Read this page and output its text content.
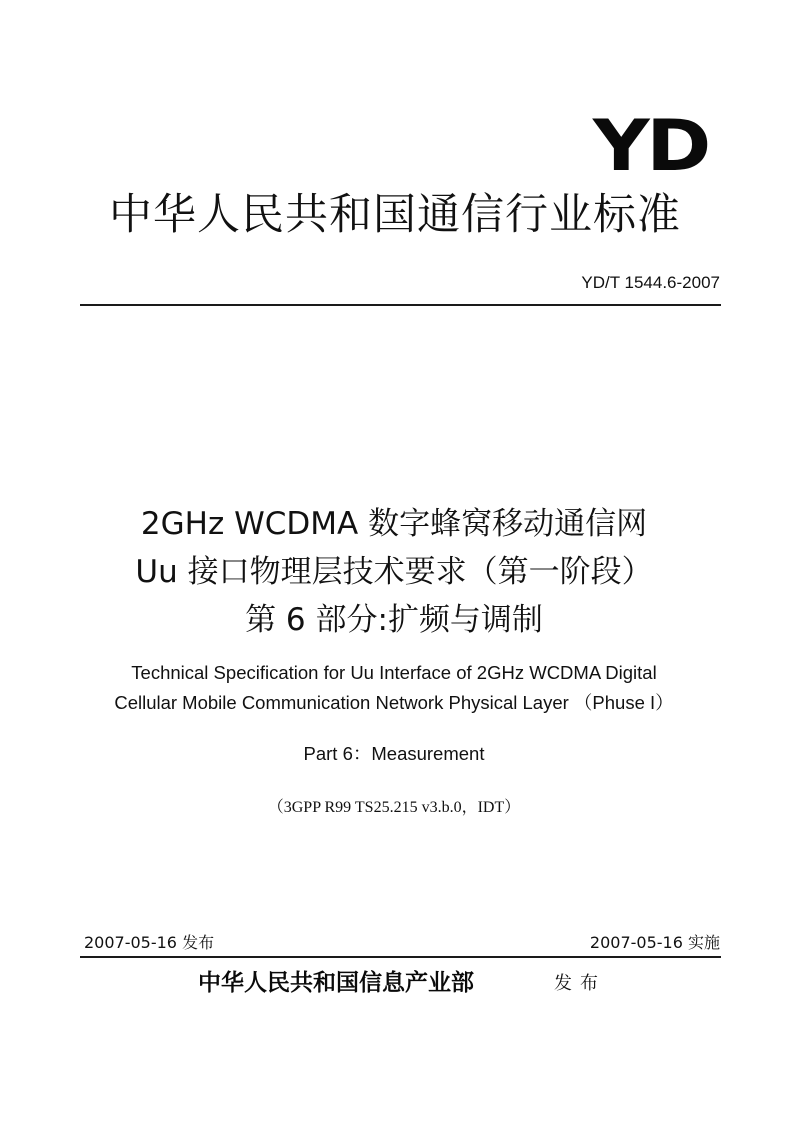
YD
中华人民共和国通信行业标准
YD/T 1544.6-2007
2GHz WCDMA 数字蜂窝移动通信网
Uu 接口物理层技术要求（第一阶段）
第 6 部分:扩频与调制
Technical Specification for Uu Interface of 2GHz WCDMA Digital
Cellular Mobile Communication Network Physical Layer （Phuse I）
Part 6：Measurement
（3GPP R99 TS25.215 v3.b.0，IDT）
2007-05-16 发布	2007-05-16 实施
中华人民共和国信息产业部	发布
